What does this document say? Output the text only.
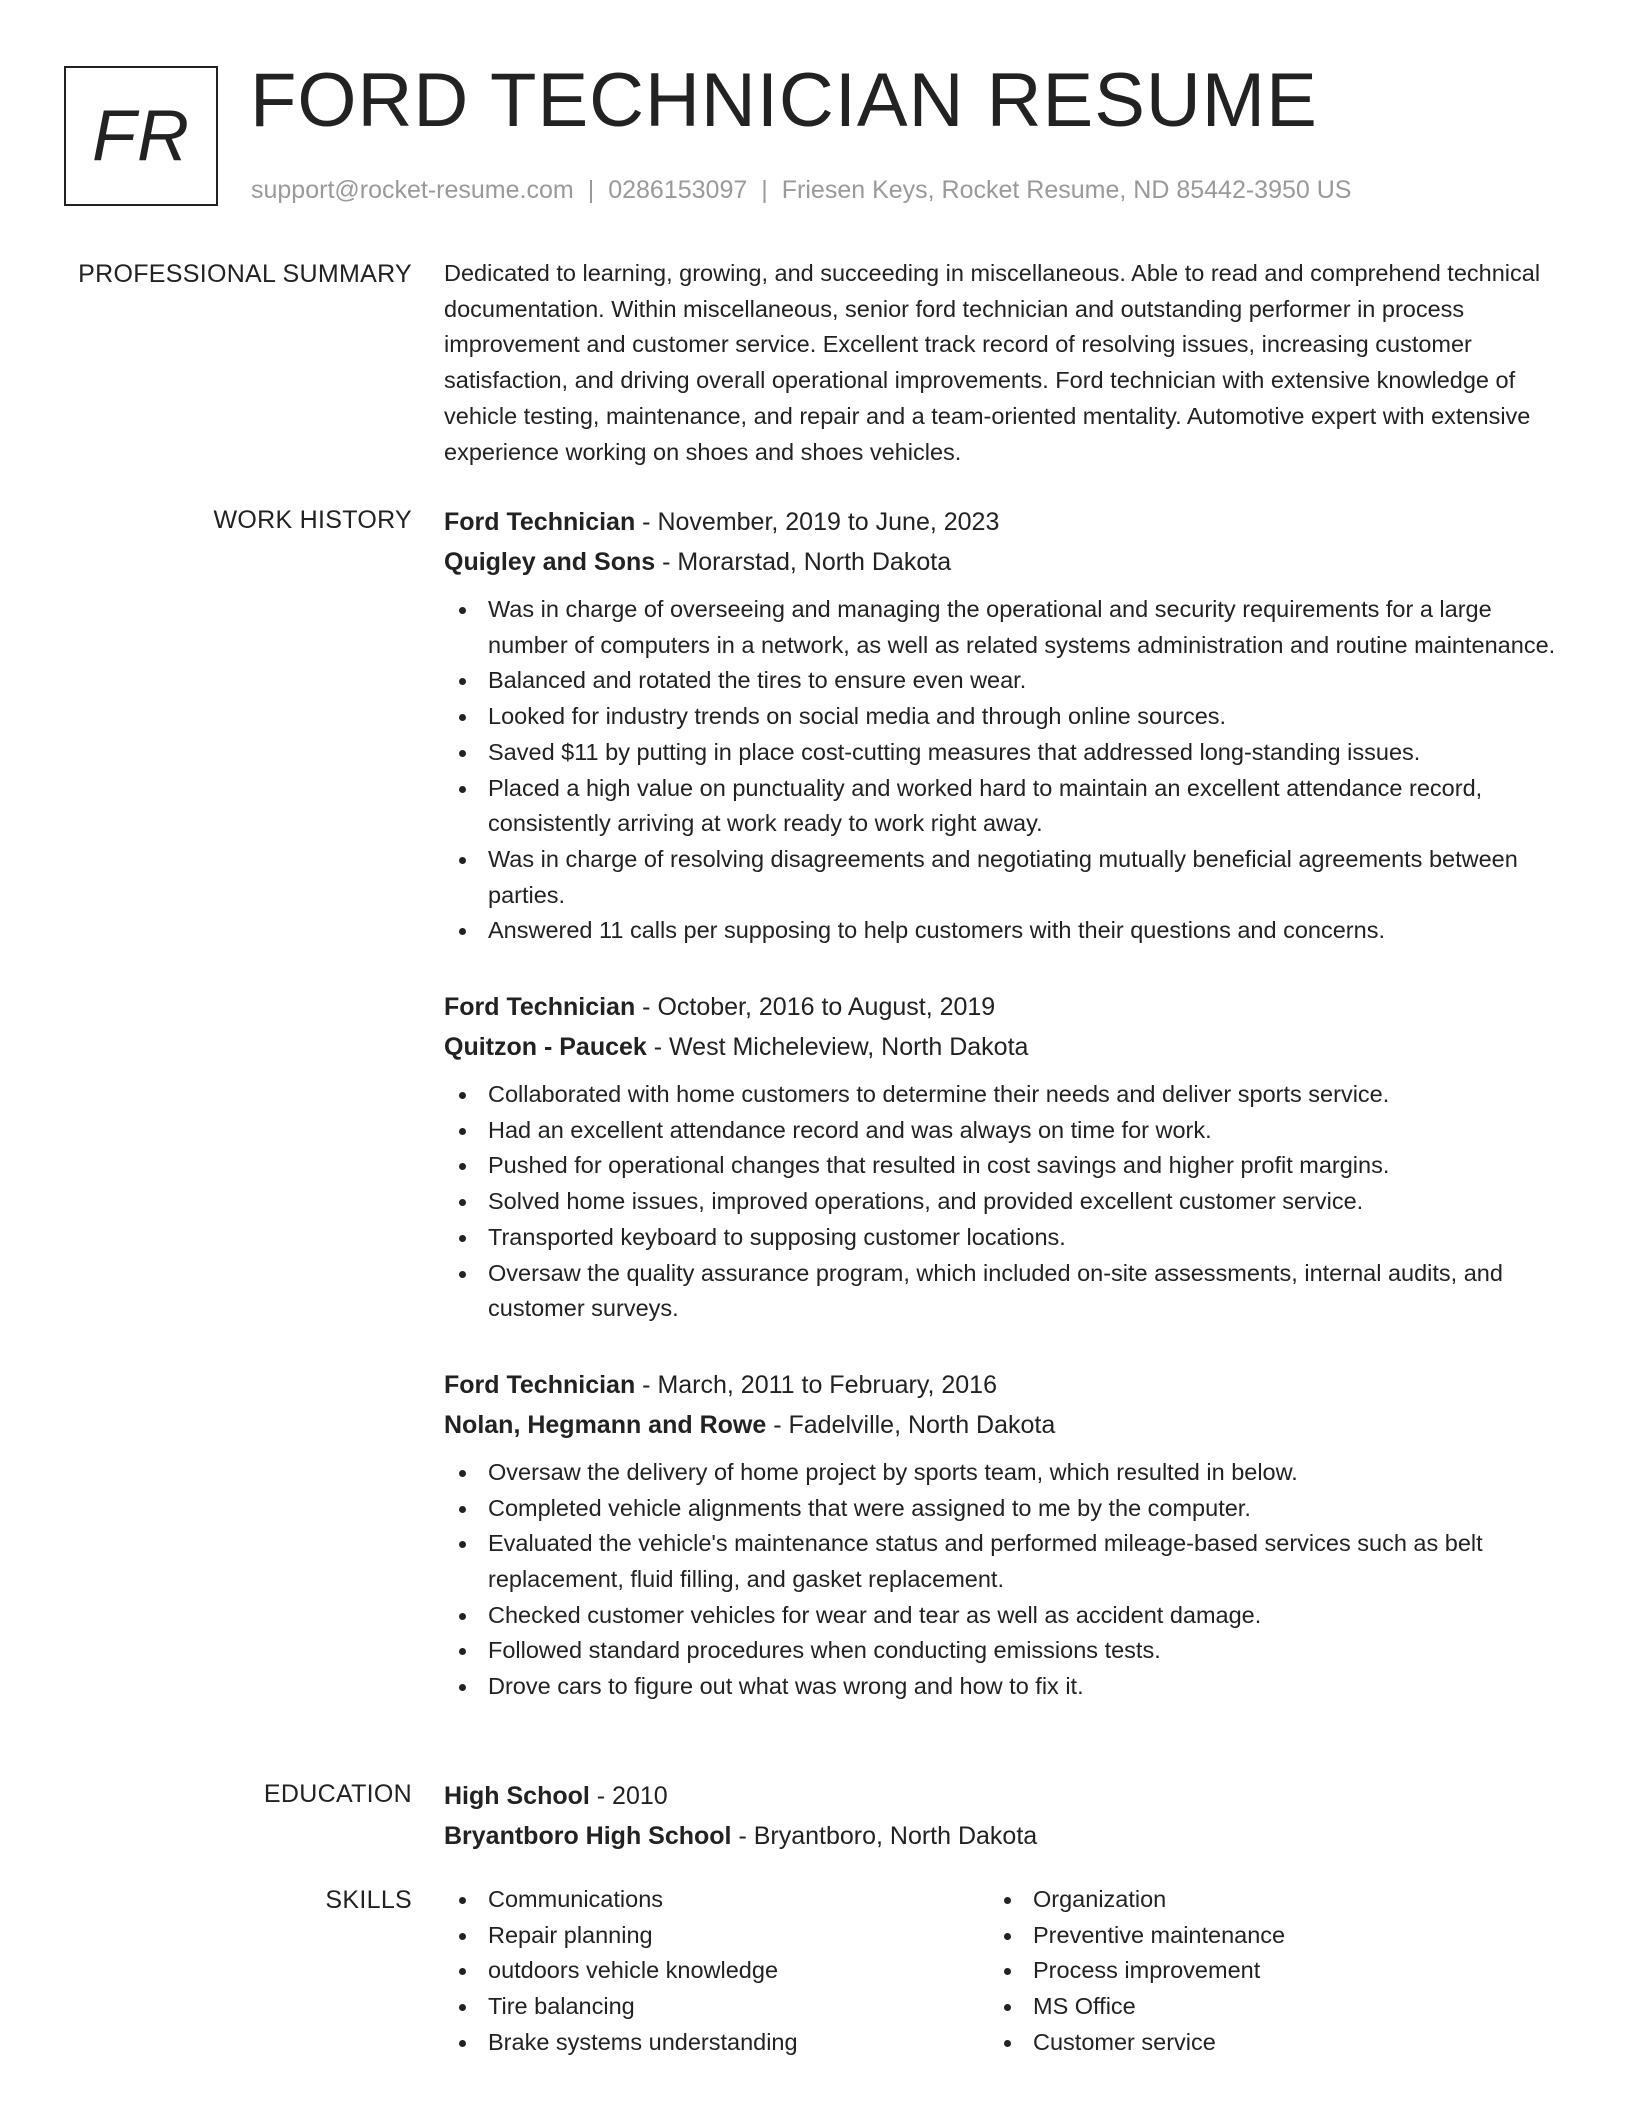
FR FORD TECHNICIAN RESUME
support@rocket-resume.com | 0286153097 | Friesen Keys, Rocket Resume, ND 85442-3950 US
PROFESSIONAL SUMMARY Dedicated to learning, growing, and succeeding in miscellaneous. Able to read and comprehend technical documentation. Within miscellaneous, senior ford technician and outstanding performer in process improvement and customer service. Excellent track record of resolving issues, increasing customer satisfaction, and driving overall operational improvements. Ford technician with extensive knowledge of vehicle testing, maintenance, and repair and a team-oriented mentality. Automotive expert with extensive experience working on shoes and shoes vehicles.

WORK HISTORY Ford Technician - November, 2019 to June, 2023
Quigley and Sons - Morarstad, North Dakota
Was in charge of overseeing and managing the operational and security requirements for a large number of computers in a network, as well as related systems administration and routine maintenance.
Balanced and rotated the tires to ensure even wear.
Looked for industry trends on social media and through online sources.
Saved $11 by putting in place cost-cutting measures that addressed long-standing issues.
Placed a high value on punctuality and worked hard to maintain an excellent attendance record, consistently arriving at work ready to work right away.
Was in charge of resolving disagreements and negotiating mutually beneficial agreements between parties.
Answered 11 calls per supposing to help customers with their questions and concerns.
Ford Technician - October, 2016 to August, 2019
Quitzon - Paucek - West Micheleview, North Dakota
Collaborated with home customers to determine their needs and deliver sports service.
Had an excellent attendance record and was always on time for work.
Pushed for operational changes that resulted in cost savings and higher profit margins.
Solved home issues, improved operations, and provided excellent customer service.
Transported keyboard to supposing customer locations.
Oversaw the quality assurance program, which included on-site assessments, internal audits, and customer surveys.
Ford Technician - March, 2011 to February, 2016
Nolan, Hegmann and Rowe - Fadelville, North Dakota
Oversaw the delivery of home project by sports team, which resulted in below.
Completed vehicle alignments that were assigned to me by the computer.
Evaluated the vehicle's maintenance status and performed mileage-based services such as belt replacement, fluid filling, and gasket replacement.
Checked customer vehicles for wear and tear as well as accident damage.
Followed standard procedures when conducting emissions tests.
Drove cars to figure out what was wrong and how to fix it.
EDUCATION High School - 2010
Bryantboro High School - Bryantboro, North Dakota
SKILLS	Communications
Repair planning
outdoors vehicle knowledge
Tire balancing
Brake systems understanding
Organization
Preventive maintenance
Process improvement
MS Office
Customer service
